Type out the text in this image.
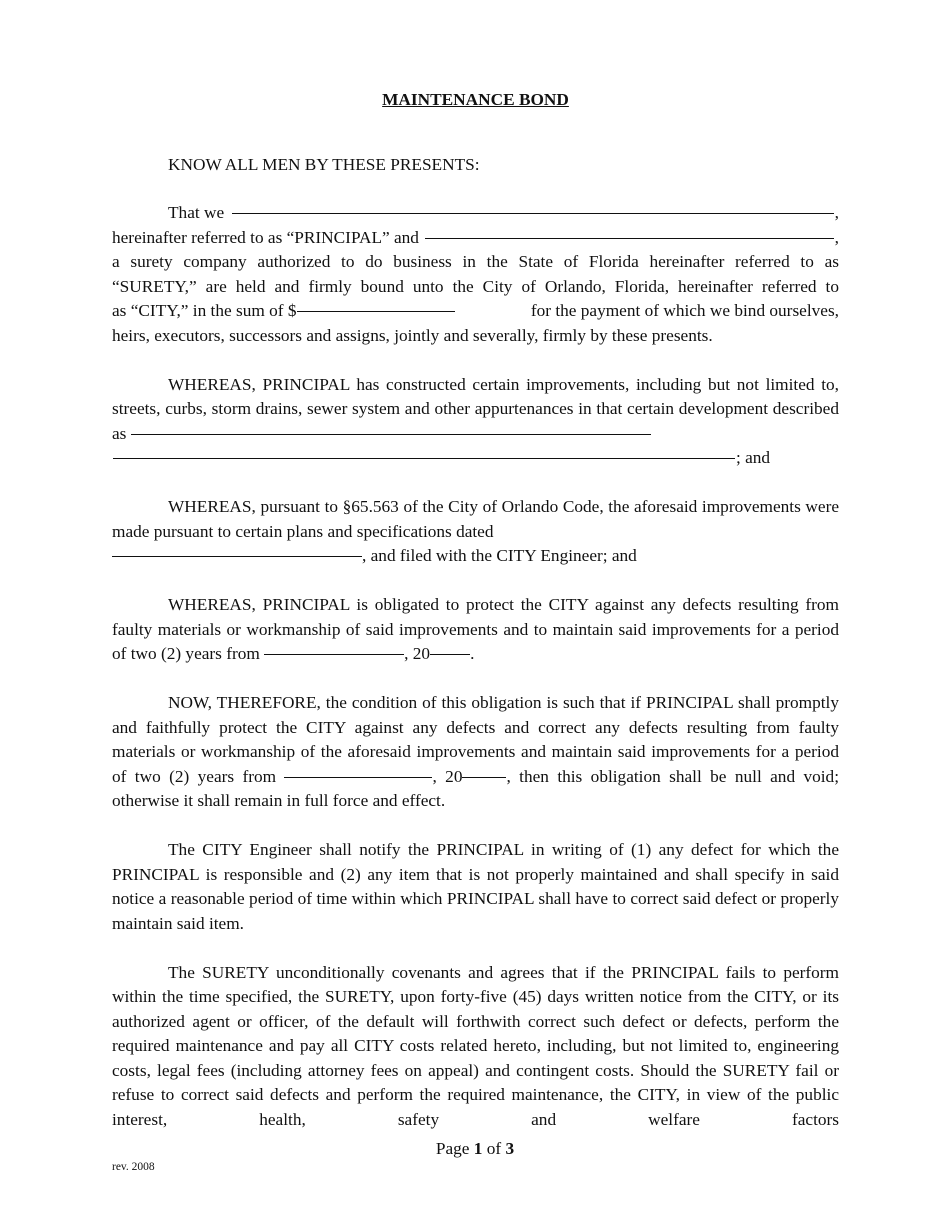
MAINTENANCE BOND
KNOW ALL MEN BY THESE PRESENTS:
That we	,
hereinafter referred to as “PRINCIPAL” and	,
a surety company authorized to do business in the State of Florida hereinafter referred to as
“SURETY,” are held and firmly bound unto the City of Orlando, Florida, hereinafter referred to
as “CITY,” in the sum of $	for the payment of which we bind ourselves,
heirs, executors, successors and assigns, jointly and severally, firmly by these presents.

WHEREAS, PRINCIPAL has constructed certain improvements, including but not limited to, streets, curbs, storm drains, sewer system and other appurtenances in that certain development described as

; and

WHEREAS, pursuant to §65.563 of the City of Orlando Code, the aforesaid improvements were made pursuant to certain plans and specifications dated
, and filed with the CITY Engineer; and

WHEREAS, PRINCIPAL is obligated to protect the CITY against any defects resulting from faulty materials or workmanship of said improvements and to maintain said improvements for a period of two (2) years from	, 20 .

NOW, THEREFORE, the condition of this obligation is such that if PRINCIPAL shall promptly and faithfully protect the CITY against any defects and correct any defects resulting from faulty materials or workmanship of the aforesaid improvements and maintain said improvements for a period of two (2) years from	, 20	, then this obligation shall be null and void; otherwise it shall remain in full force and effect.

The CITY Engineer shall notify the PRINCIPAL in writing of (1) any defect for which the PRINCIPAL is responsible and (2) any item that is not properly maintained and shall specify in said notice a reasonable period of time within which PRINCIPAL shall have to correct said defect or properly maintain said item.

The SURETY unconditionally covenants and agrees that if the PRINCIPAL fails to perform within the time specified, the SURETY, upon forty-five (45) days written notice from the CITY, or its authorized agent or officer, of the default will forthwith correct such defect or defects, perform the required maintenance and pay all CITY costs related hereto, including, but not limited to, engineering costs, legal fees (including attorney fees on appeal) and contingent costs. Should the SURETY fail or refuse to correct said defects and perform the required maintenance, the CITY, in view of the public interest, health, safety and welfare factors

Page 1 of 3
rev. 2008
